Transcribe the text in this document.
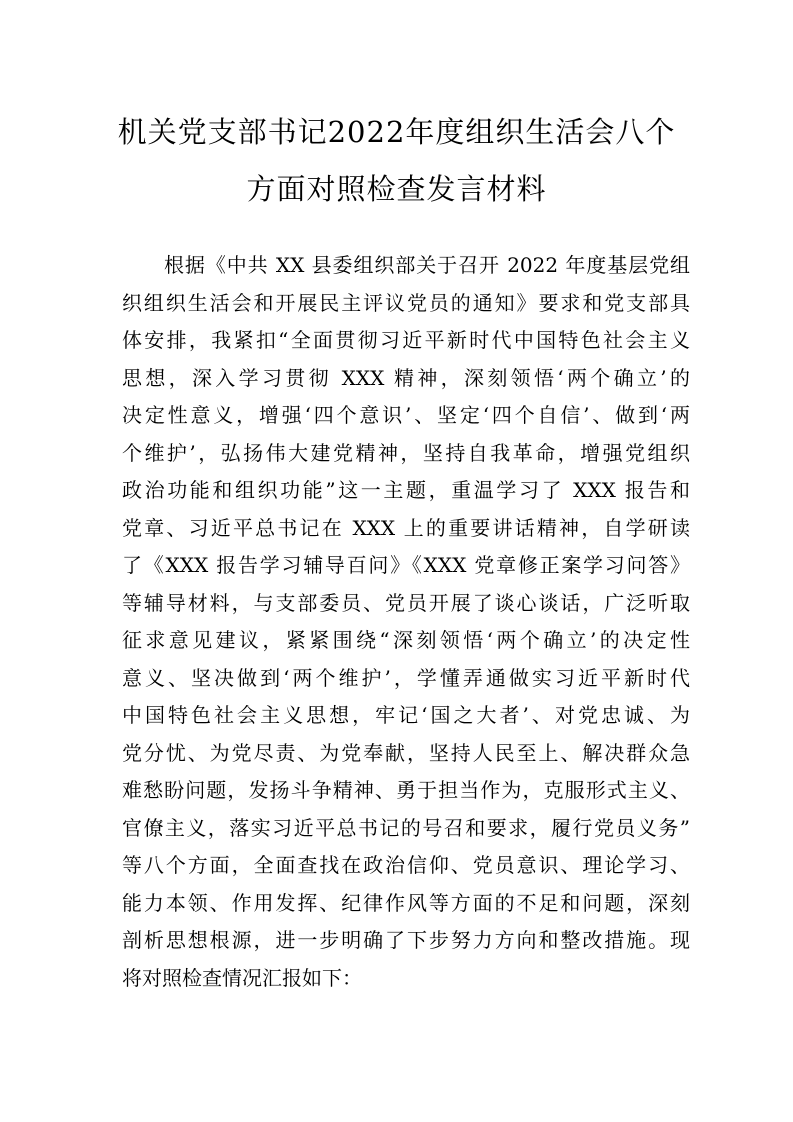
机关党支部书记2022年度组织生活会八个
方面对照检查发言材料
根据《中共 XX 县委组织部关于召开 2022 年度基层党组
织组织生活会和开展民主评议党员的通知》要求和党支部具
体安排，我紧扣“全面贯彻习近平新时代中国特色社会主义
思想，深入学习贯彻 XXX 精神，深刻领悟‘两个确立’的
决定性意义，增强‘四个意识’、坚定‘四个自信’、做到‘两
个维护’，弘扬伟大建党精神，坚持自我革命，增强党组织
政治功能和组织功能”这一主题，重温学习了 XXX 报告和
党章、习近平总书记在 XXX 上的重要讲话精神，自学研读
了《XXX 报告学习辅导百问》《XXX 党章修正案学习问答》
等辅导材料，与支部委员、党员开展了谈心谈话，广泛听取
征求意见建议，紧紧围绕“深刻领悟‘两个确立’的决定性
意义、坚决做到‘两个维护’，学懂弄通做实习近平新时代
中国特色社会主义思想，牢记‘国之大者’、对党忠诚、为
党分忧、为党尽责、为党奉献，坚持人民至上、解决群众急
难愁盼问题，发扬斗争精神、勇于担当作为，克服形式主义、
官僚主义，落实习近平总书记的号召和要求，履行党员义务”
等八个方面，全面查找在政治信仰、党员意识、理论学习、
能力本领、作用发挥、纪律作风等方面的不足和问题，深刻
剖析思想根源，进一步明确了下步努力方向和整改措施。现
将对照检查情况汇报如下：
